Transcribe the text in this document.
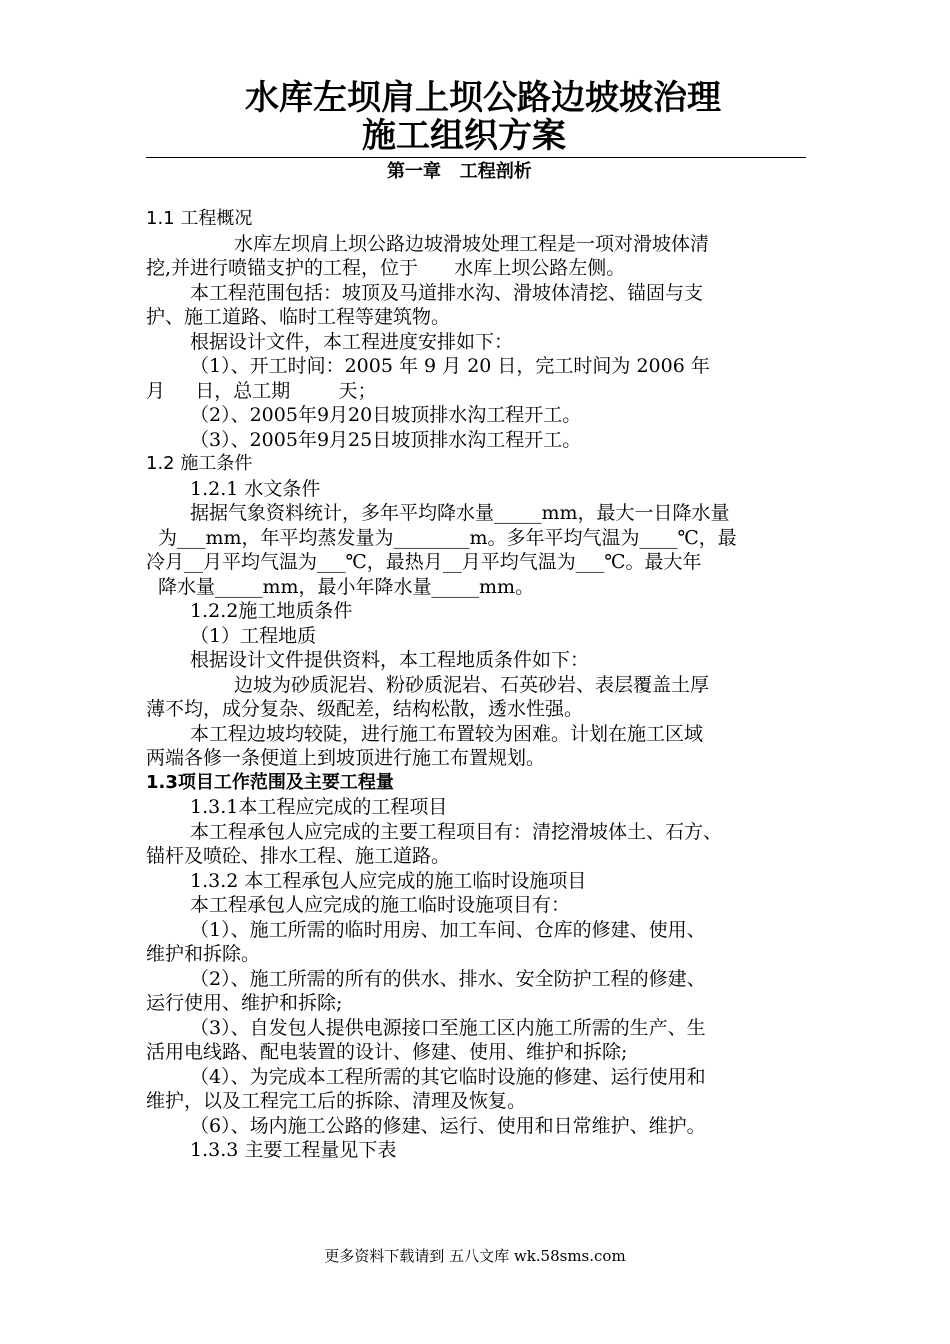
水库左坝肩上坝公路边坡坡治理
施工组织方案
第一章   工程剖析
1.1 工程概况
水库左坝肩上坝公路边坡滑坡处理工程是一项对滑坡体清
挖,并进行喷锚支护的工程，位于      水库上坝公路左侧。
本工程范围包括：坡顶及马道排水沟、滑坡体清挖、锚固与支
护、施工道路、临时工程等建筑物。
根据设计文件，本工程进度安排如下：
（1）、开工时间：2005 年 9 月 20 日，完工时间为 2006 年
月     日，总工期        天；
（2）、2005年9月20日坡顶排水沟工程开工。
（3）、2005年9月25日坡顶排水沟工程开工。
1.2 施工条件
1.2.1 水文条件
据据气象资料统计，多年平均降水量_____mm，最大一日降水量
为___mm，年平均蒸发量为________m。多年平均气温为____℃，最
冷月__月平均气温为___℃，最热月__月平均气温为___℃。最大年
降水量_____mm，最小年降水量_____mm。
1.2.2施工地质条件
（1）工程地质
根据设计文件提供资料，本工程地质条件如下：
边坡为砂质泥岩、粉砂质泥岩、石英砂岩、表层覆盖土厚
薄不均，成分复杂、级配差，结构松散，透水性强。
本工程边坡均较陡，进行施工布置较为困难。计划在施工区域
两端各修一条便道上到坡顶进行施工布置规划。
1.3项目工作范围及主要工程量
1.3.1本工程应完成的工程项目
本工程承包人应完成的主要工程项目有：清挖滑坡体土、石方、
锚杆及喷砼、排水工程、施工道路。
1.3.2 本工程承包人应完成的施工临时设施项目
本工程承包人应完成的施工临时设施项目有：
（1）、施工所需的临时用房、加工车间、仓库的修建、使用、
维护和拆除。
（2）、施工所需的所有的供水、排水、安全防护工程的修建、
运行使用、维护和拆除;
（3）、自发包人提供电源接口至施工区内施工所需的生产、生
活用电线路、配电装置的设计、修建、使用、维护和拆除;
（4）、为完成本工程所需的其它临时设施的修建、运行使用和
维护，以及工程完工后的拆除、清理及恢复。
（6）、场内施工公路的修建、运行、使用和日常维护、维护。
1.3.3 主要工程量见下表
更多资料下载请到 五八文库 wk.58sms.com
